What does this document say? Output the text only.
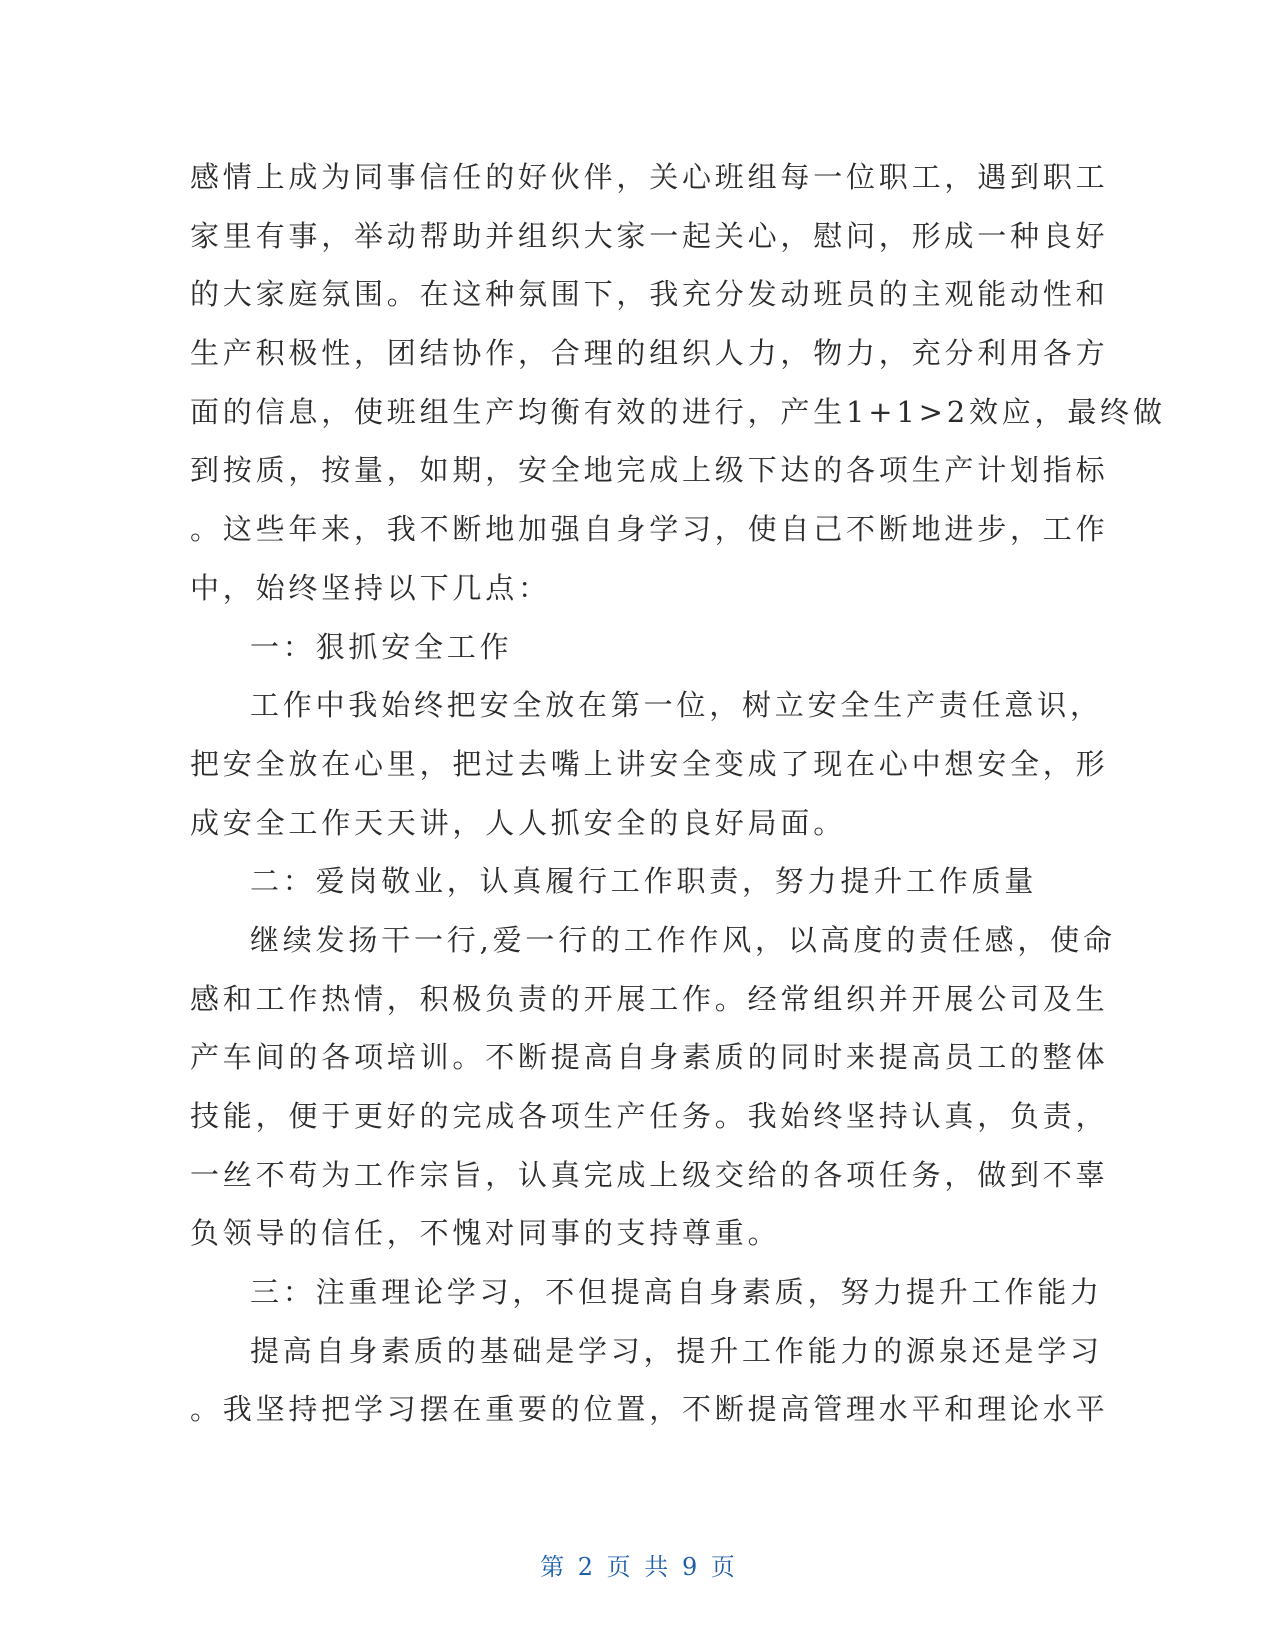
感情上成为同事信任的好伙伴，关心班组每一位职工，遇到职工
家里有事，举动帮助并组织大家一起关心，慰问，形成一种良好
的大家庭氛围。在这种氛围下，我充分发动班员的主观能动性和
生产积极性，团结协作，合理的组织人力，物力，充分利用各方
面的信息，使班组生产均衡有效的进行，产生1+1>2效应，最终做
到按质，按量，如期，安全地完成上级下达的各项生产计划指标
。这些年来，我不断地加强自身学习，使自己不断地进步，工作
中，始终坚持以下几点：
一：狠抓安全工作
工作中我始终把安全放在第一位，树立安全生产责任意识，
把安全放在心里，把过去嘴上讲安全变成了现在心中想安全，形
成安全工作天天讲，人人抓安全的良好局面。
二：爱岗敬业，认真履行工作职责，努力提升工作质量
继续发扬干一行,爱一行的工作作风，以高度的责任感，使命
感和工作热情，积极负责的开展工作。经常组织并开展公司及生
产车间的各项培训。不断提高自身素质的同时来提高员工的整体
技能，便于更好的完成各项生产任务。我始终坚持认真，负责，
一丝不苟为工作宗旨，认真完成上级交给的各项任务，做到不辜
负领导的信任，不愧对同事的支持尊重。
三：注重理论学习，不但提高自身素质，努力提升工作能力
提高自身素质的基础是学习，提升工作能力的源泉还是学习
。我坚持把学习摆在重要的位置，不断提高管理水平和理论水平
第 2 页 共 9 页
